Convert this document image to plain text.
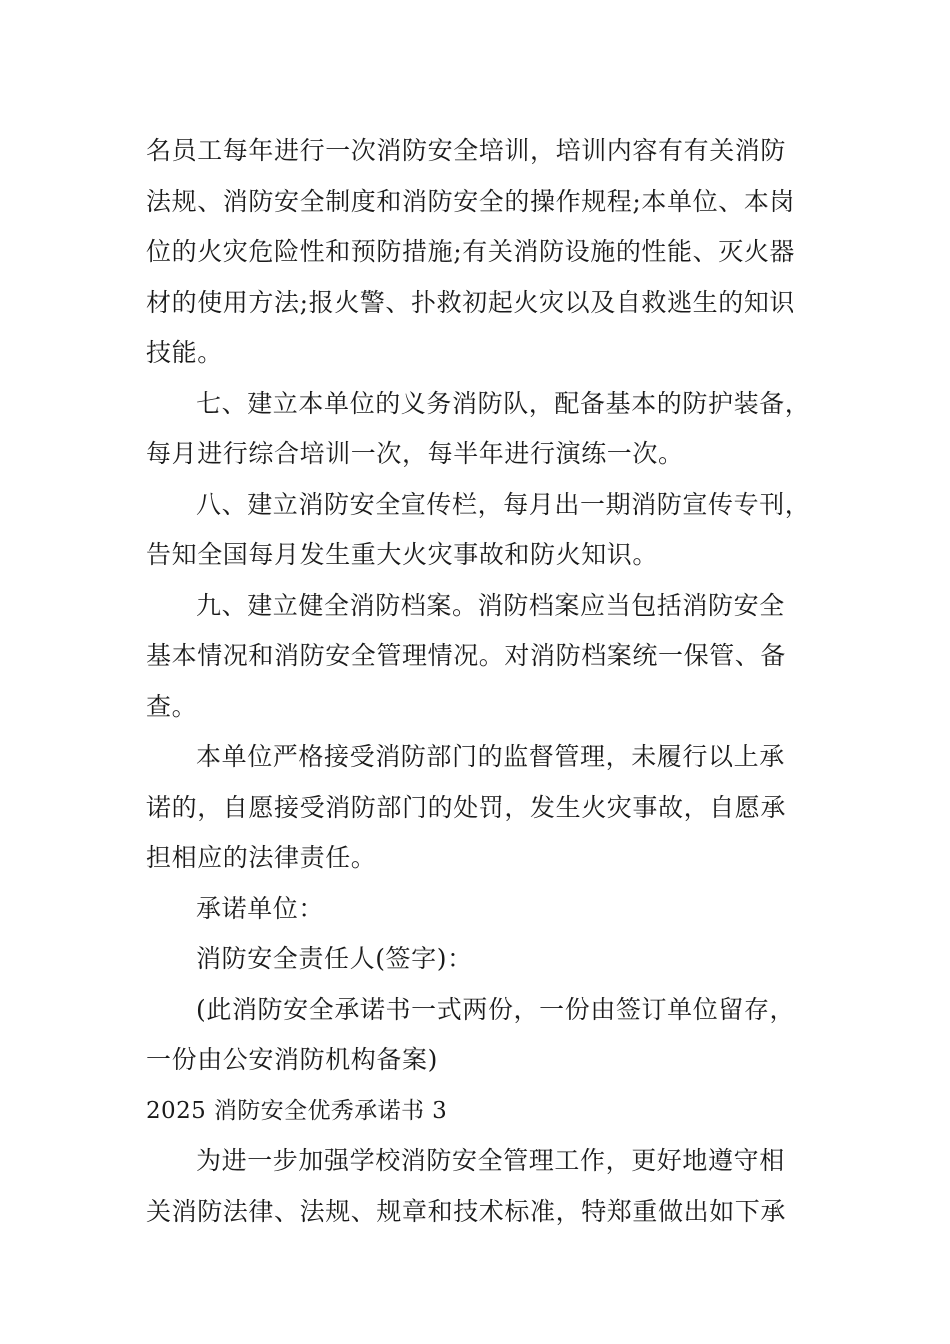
名员工每年进行一次消防安全培训，培训内容有有关消防
法规、消防安全制度和消防安全的操作规程;本单位、本岗
位的火灾危险性和预防措施;有关消防设施的性能、灭火器
材的使用方法;报火警、扑救初起火灾以及自救逃生的知识
技能。
七、建立本单位的义务消防队，配备基本的防护装备，
每月进行综合培训一次，每半年进行演练一次。
八、建立消防安全宣传栏，每月出一期消防宣传专刊，
告知全国每月发生重大火灾事故和防火知识。
九、建立健全消防档案。消防档案应当包括消防安全
基本情况和消防安全管理情况。对消防档案统一保管、备
查。
本单位严格接受消防部门的监督管理，未履行以上承
诺的，自愿接受消防部门的处罚，发生火灾事故，自愿承
担相应的法律责任。
承诺单位：
消防安全责任人(签字)：
(此消防安全承诺书一式两份，一份由签订单位留存，
一份由公安消防机构备案)
2025 消防安全优秀承诺书 3
为进一步加强学校消防安全管理工作，更好地遵守相
关消防法律、法规、规章和技术标准，特郑重做出如下承
